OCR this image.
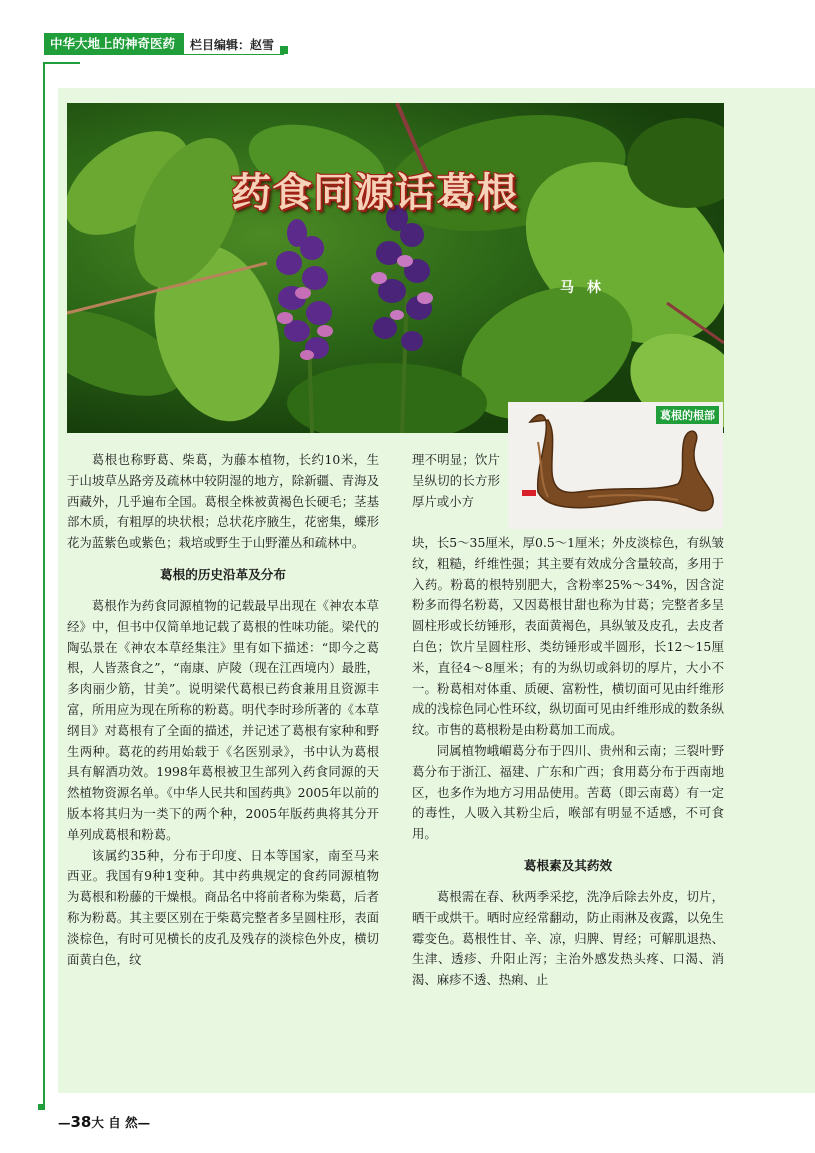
中华大地上的神奇医药	栏目编辑：赵雪
药食同源话葛根
马 林
葛根的根部

葛根也称野葛、柴葛，为藤本植物，长约10米，生于山坡草丛路旁及疏林中较阴湿的地方，除新疆、青海及西藏外，几乎遍布全国。葛根全株被黄褐色长硬毛；茎基部木质，有粗厚的块状根；总状花序腋生，花密集，蝶形花为蓝紫色或紫色；栽培或野生于山野灌丛和疏林中。

葛根的历史沿革及分布

葛根作为药食同源植物的记载最早出现在《神农本草经》中，但书中仅简单地记载了葛根的性味功能。梁代的陶弘景在《神农本草经集注》里有如下描述：“即今之葛根，人皆蒸食之”，“南康、庐陵（现在江西境内）最胜，多肉丽少筋，甘美”。说明梁代葛根已药食兼用且资源丰富，所用应为现在所称的粉葛。明代李时珍所著的《本草纲目》对葛根有了全面的描述，并记述了葛根有家种和野生两种。葛花的药用始载于《名医别录》，书中认为葛根具有解酒功效。1998年葛根被卫生部列入药食同源的天然植物资源名单。《中华人民共和国药典》2005年以前的版本将其归为一类下的两个种，2005年版药典将其分开单列成葛根和粉葛。

该属约35种，分布于印度、日本等国家，南至马来西亚。我国有9种1变种。其中药典规定的食药同源植物为葛根和粉藤的干燥根。商品名中将前者称为柴葛，后者称为粉葛。其主要区别在于柴葛完整者多呈圆柱形，表面淡棕色，有时可见横长的皮孔及残存的淡棕色外皮，横切面黄白色，纹

理不明显；饮片呈纵切的长方形厚片或小方

块，长5～35厘米，厚0.5～1厘米；外皮淡棕色，有纵皱纹，粗糙，纤维性强；其主要有效成分含量较高，多用于入药。粉葛的根特别肥大，含粉率25%～34%，因含淀粉多而得名粉葛，又因葛根甘甜也称为甘葛；完整者多呈圆柱形或长纺锤形，表面黄褐色，具纵皱及皮孔，去皮者白色；饮片呈圆柱形、类纺锤形或半圆形，长12～15厘米，直径4～8厘米；有的为纵切或斜切的厚片，大小不一。粉葛相对体重、质硬、富粉性，横切面可见由纤维形成的浅棕色同心性环纹，纵切面可见由纤维形成的数条纵纹。市售的葛根粉是由粉葛加工而成。

同属植物峨嵋葛分布于四川、贵州和云南；三裂叶野葛分布于浙江、福建、广东和广西；食用葛分布于西南地区，也多作为地方习用品使用。苦葛（即云南葛）有一定的毒性，人吸入其粉尘后，喉部有明显不适感，不可食用。

葛根素及其药效

葛根需在春、秋两季采挖，洗净后除去外皮，切片，晒干或烘干。晒时应经常翻动，防止雨淋及夜露，以免生霉变色。葛根性甘、辛、凉，归脾、胃经；可解肌退热、生津、透疹、升阳止泻；主治外感发热头疼、口渴、消渴、麻疹不透、热痢、止

—38大 自 然—
